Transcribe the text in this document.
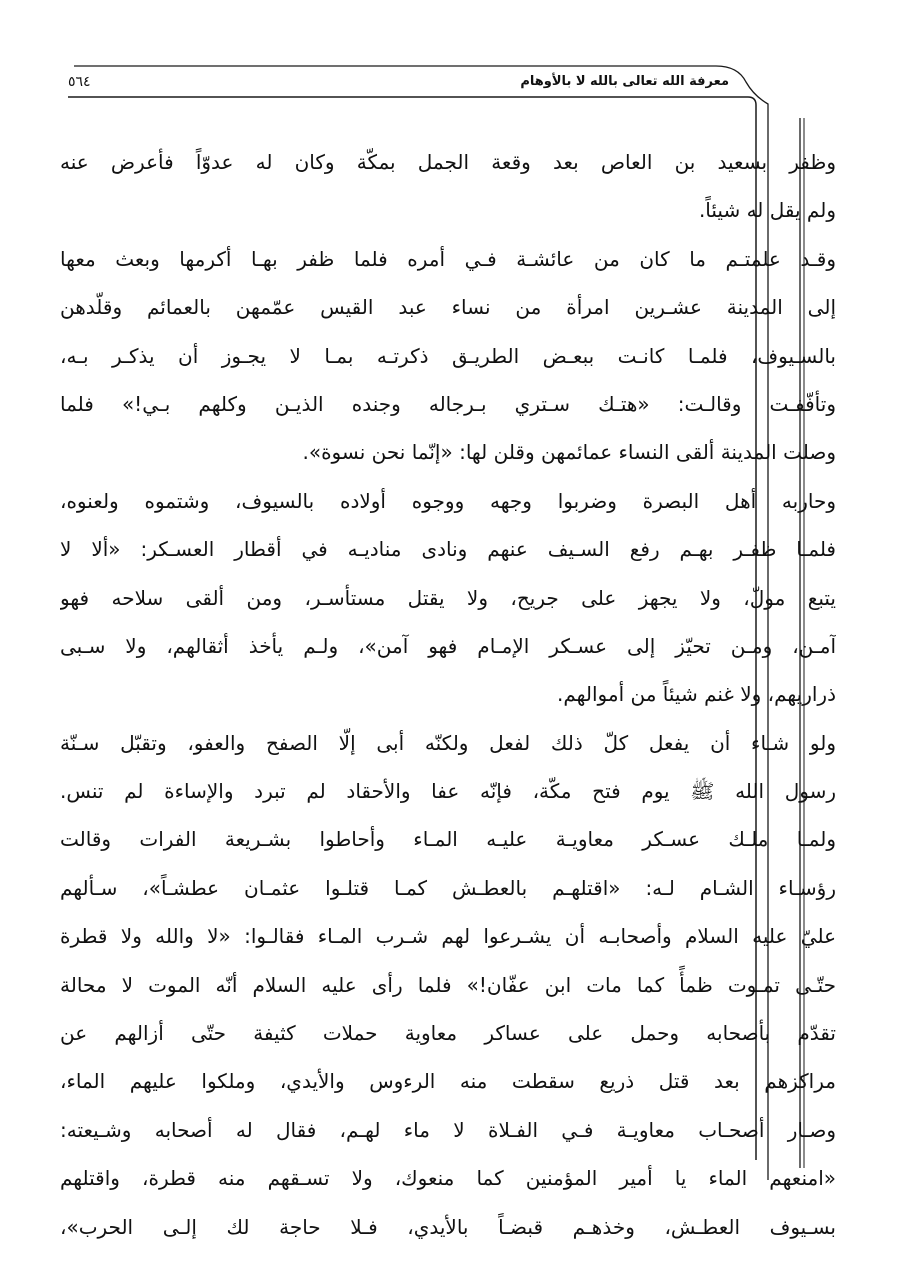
معرفة الله تعالى بالله لا بالأوهام
٥٦٤
وظفر بسعيد بن العاص بعد وقعة الجمل بمكّة وكان له عدوّاً فأعرض عنه
ولم يقل له شيئاً.
وقـد علمتـم ما كان من عائشـة فـي أمره فلما ظفر بهـا أكرمها وبعث معها
إلى المدينة عشـرين امرأة من نساء عبد القيس عمّمهن بالعمائم وقلّدهن
بالسـيوف، فلمـا كانـت ببعـض الطريـق ذكرتـه بمـا لا يجـوز أن يذكـر بـه،
وتأفّفـت وقالـت: «هتـك سـتري بـرجاله وجنده الذيـن وكلهم بـي!» فلما
وصلت المدينة ألقى النساء عمائمهن وقلن لها: «إنّما نحن نسوة».
وحاربه أهل البصرة وضربوا وجهه ووجوه أولاده بالسيوف، وشتموه ولعنوه،
فلمـا ظفـر بهـم رفع السـيف عنهم ونادى مناديـه في أقطار العسـكر: «ألا لا
يتبع مولّ، ولا يجهز على جريح، ولا يقتل مستأسـر، ومن ألقى سلاحه فهو
آمـن، ومـن تحيّز إلى عسـكر الإمـام فهو آمن»، ولـم يأخذ أثقالهم، ولا سـبى
ذراريهم، ولا غنم شيئاً من أموالهم.
ولو شـاء أن يفعل كلّ ذلك لفعل ولكنّه أبى إلّا الصفح والعفو، وتقبّل سـنّة
رسول الله ﷺ يوم فتح مكّة، فإنّه عفا والأحقاد لم تبرد والإساءة لم تنس.
ولمـا ملـك عسـكر معاويـة عليـه المـاء وأحاطوا بشـريعة الفرات وقالت
رؤسـاء الشـام لـه: «اقتلهـم بالعطـش كمـا قتلـوا عثمـان عطشـاً»، سـألهم
عليّ عليه السلام وأصحابـه أن يشـرعوا لهم شـرب المـاء فقالـوا: «لا والله ولا قطرة
حتّـى تمـوت ظمأً كما مات ابن عفّان!» فلما رأى عليه السلام أنّه الموت لا محالة
تقدّم بأصحابه وحمل على عساكر معاوية حملات كثيفة حتّى أزالهم عن
مراكزهم بعد قتل ذريع سقطت منه الرءوس والأيدي، وملكوا عليهم الماء،
وصـار أصحـاب معاويـة فـي الفـلاة لا ماء لهـم، فقال له أصحابه وشـيعته:
«امنعهم الماء يا أمير المؤمنين كما منعوك، ولا تسـقهم منه قطرة، واقتلهم
بسـيوف العطـش، وخذهـم قبضـاً بالأيدي، فـلا حاجة لك إلـى الحرب»،
